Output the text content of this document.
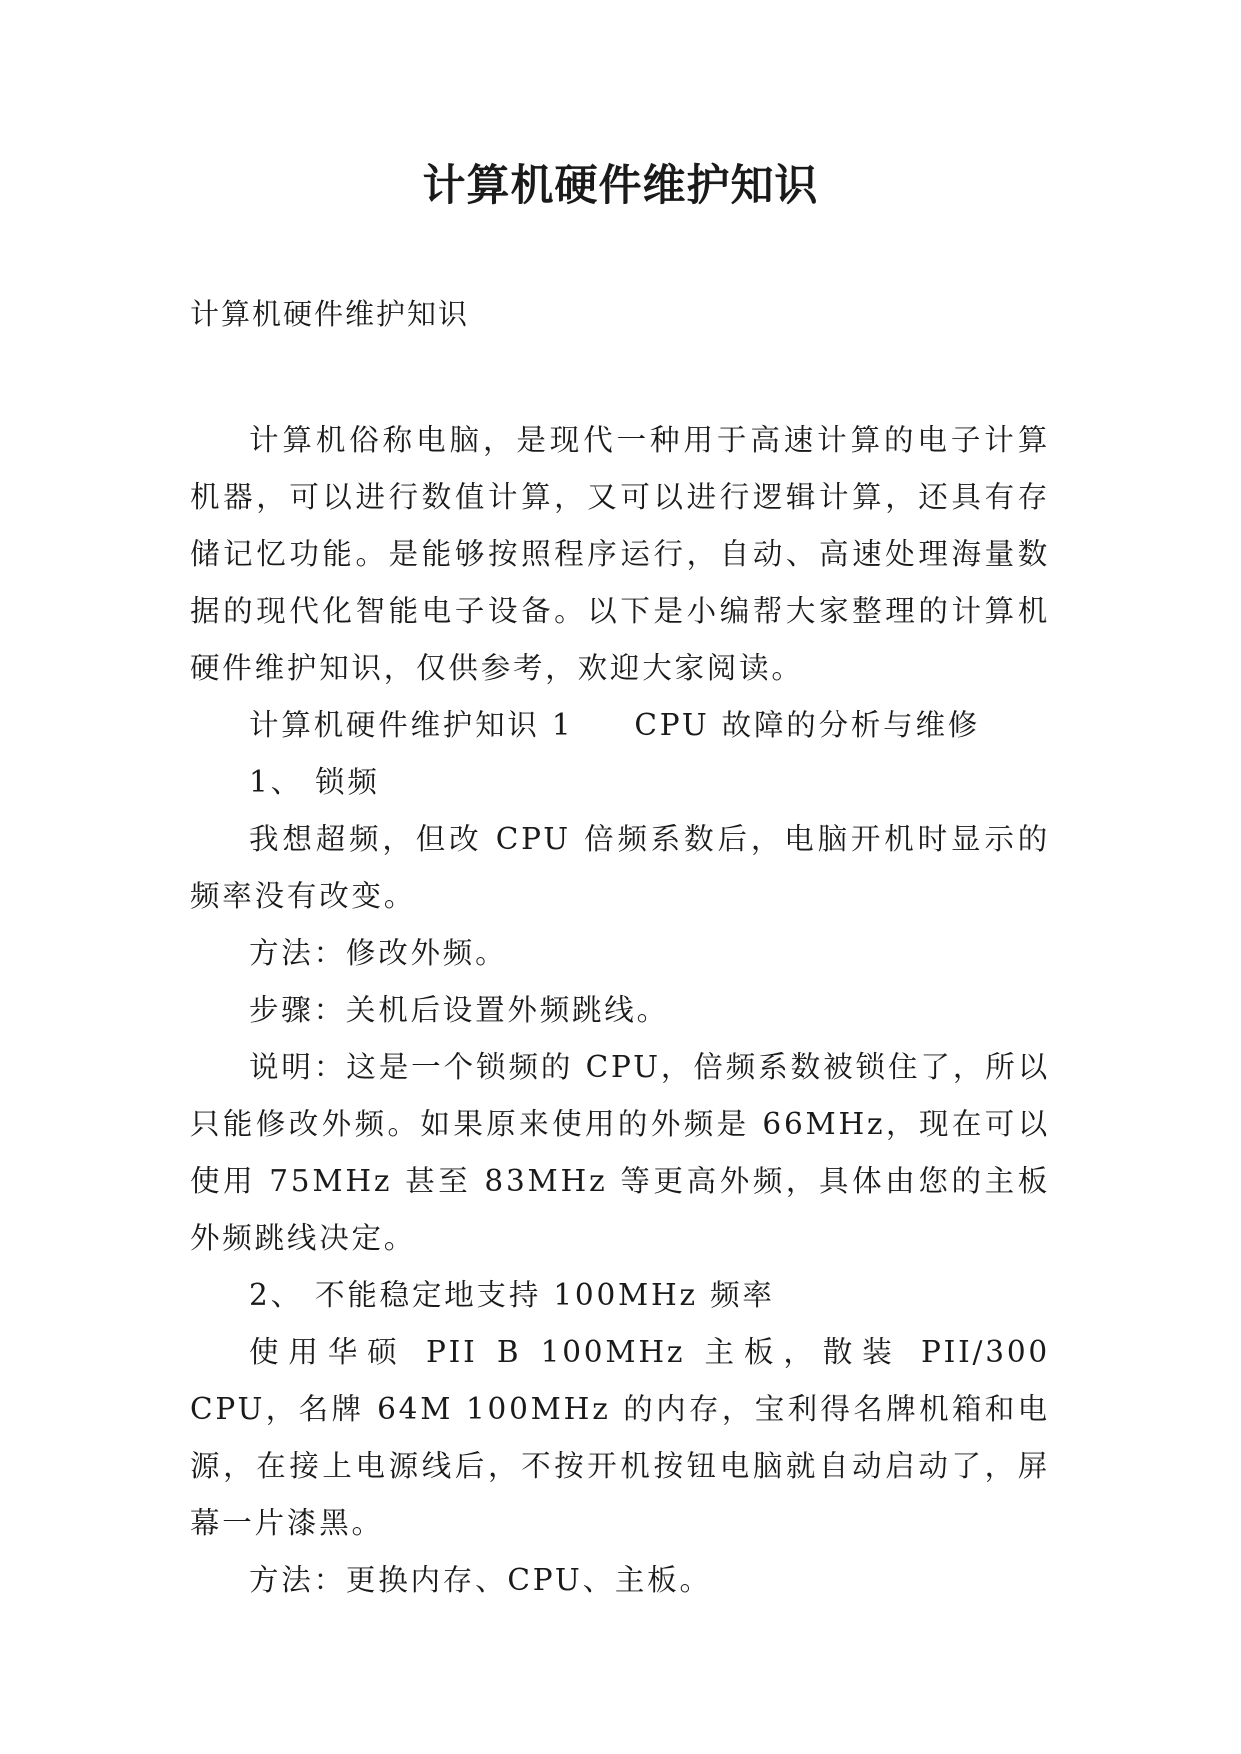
计算机硬件维护知识
计算机硬件维护知识

计算机俗称电脑，是现代一种用于高速计算的电子计算机器，可以进行数值计算，又可以进行逻辑计算，还具有存储记忆功能。是能够按照程序运行，自动、高速处理海量数据的现代化智能电子设备。以下是小编帮大家整理的计算机硬件维护知识，仅供参考，欢迎大家阅读。

计算机硬件维护知识 1     CPU 故障的分析与维修

1、 锁频

我想超频，但改 CPU 倍频系数后，电脑开机时显示的频率没有改变。

方法：修改外频。

步骤：关机后设置外频跳线。

说明：这是一个锁频的 CPU，倍频系数被锁住了，所以只能修改外频。如果原来使用的外频是 66MHz，现在可以使用 75MHz 甚至 83MHz 等更高外频，具体由您的主板外频跳线决定。

2、 不能稳定地支持 100MHz 频率

使用华硕 PII B 100MHz 主板，散装 PII/300 CPU，名牌 64M 100MHz 的内存，宝利得名牌机箱和电源，在接上电源线后，不按开机按钮电脑就自动启动了，屏幕一片漆黑。

方法：更换内存、CPU、主板。
